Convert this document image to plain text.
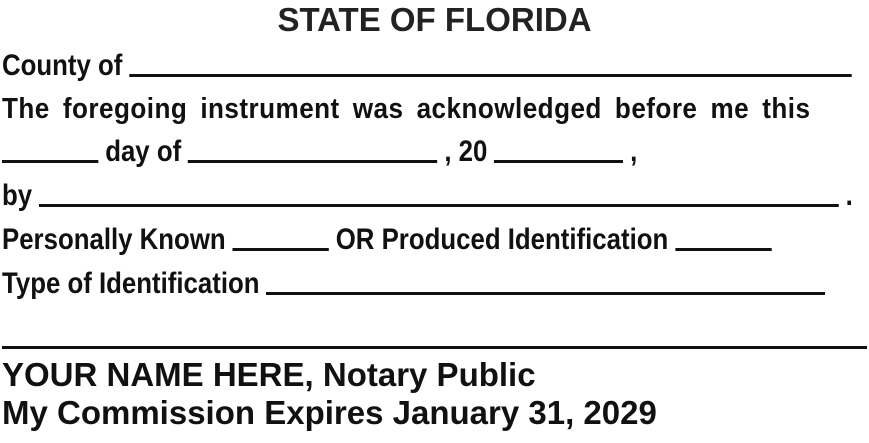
STATE OF FLORIDA
County of
The foregoing instrument was acknowledged before me this
day of	, 20	,
by	.
Personally Known	OR Produced Identification
Type of Identification
YOUR NAME HERE, Notary Public
My Commission Expires January 31, 2029
